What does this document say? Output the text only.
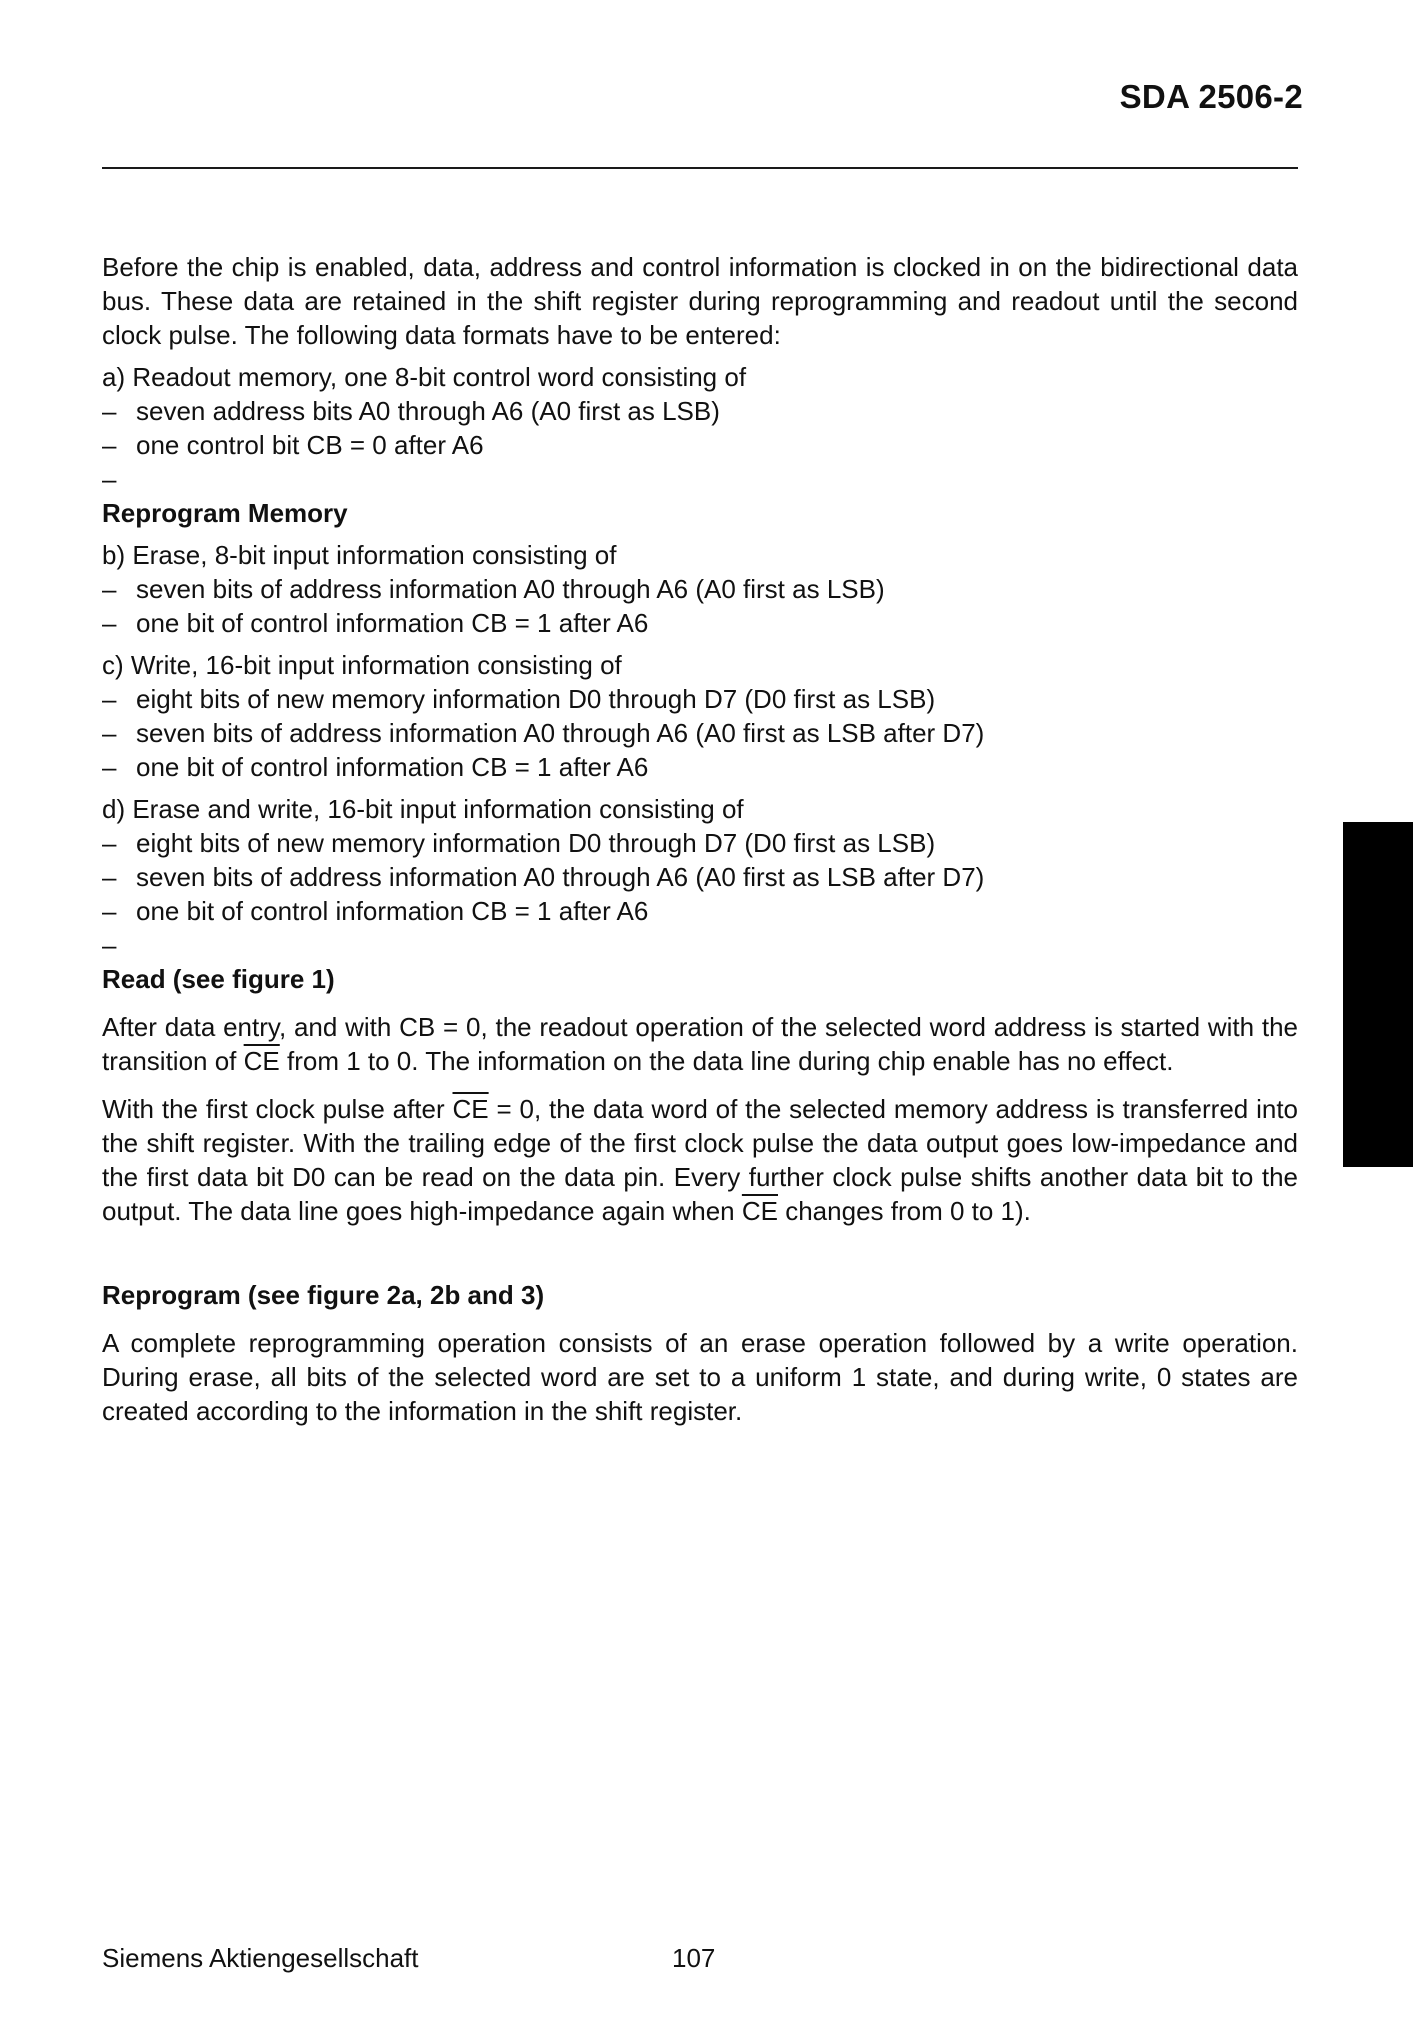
SDA 2506-2

Before the chip is enabled, data, address and control information is clocked in on the bidirectional data bus. These data are retained in the shift register during reprogramming and readout until the second clock pulse. The following data formats have to be entered:

a) Readout memory, one 8-bit control word consisting of

– seven address bits A0 through A6 (A0 first as LSB)

– one control bit CB = 0 after A6

–

Reprogram Memory

b) Erase, 8-bit input information consisting of

– seven bits of address information A0 through A6 (A0 first as LSB)

– one bit of control information CB = 1 after A6

c) Write, 16-bit input information consisting of

– eight bits of new memory information D0 through D7 (D0 first as LSB)

– seven bits of address information A0 through A6 (A0 first as LSB after D7)

– one bit of control information CB = 1 after A6

d) Erase and write, 16-bit input information consisting of

– eight bits of new memory information D0 through D7 (D0 first as LSB)

– seven bits of address information A0 through A6 (A0 first as LSB after D7)

– one bit of control information CB = 1 after A6

–

Read (see figure 1)

After data entry, and with CB = 0, the readout operation of the selected word address is started with the transition of $\overline{CE}$ from 1 to 0. The information on the data line during chip enable has no effect.

With the first clock pulse after $\overline{CE} = 0$, the data word of the selected memory address is transferred into the shift register. With the trailing edge of the first clock pulse the data output goes low-impedance and the first data bit D0 can be read on the data pin. Every further clock pulse shifts another data bit to the output. The data line goes high-impedance again when $\overline{CE}$ changes from 0 to 1).

Reprogram (see figure 2a, 2b and 3)

A complete reprogramming operation consists of an erase operation followed by a write operation. During erase, all bits of the selected word are set to a uniform 1 state, and during write, 0 states are created according to the information in the shift register.

Siemens Aktiengesellschaft	107
